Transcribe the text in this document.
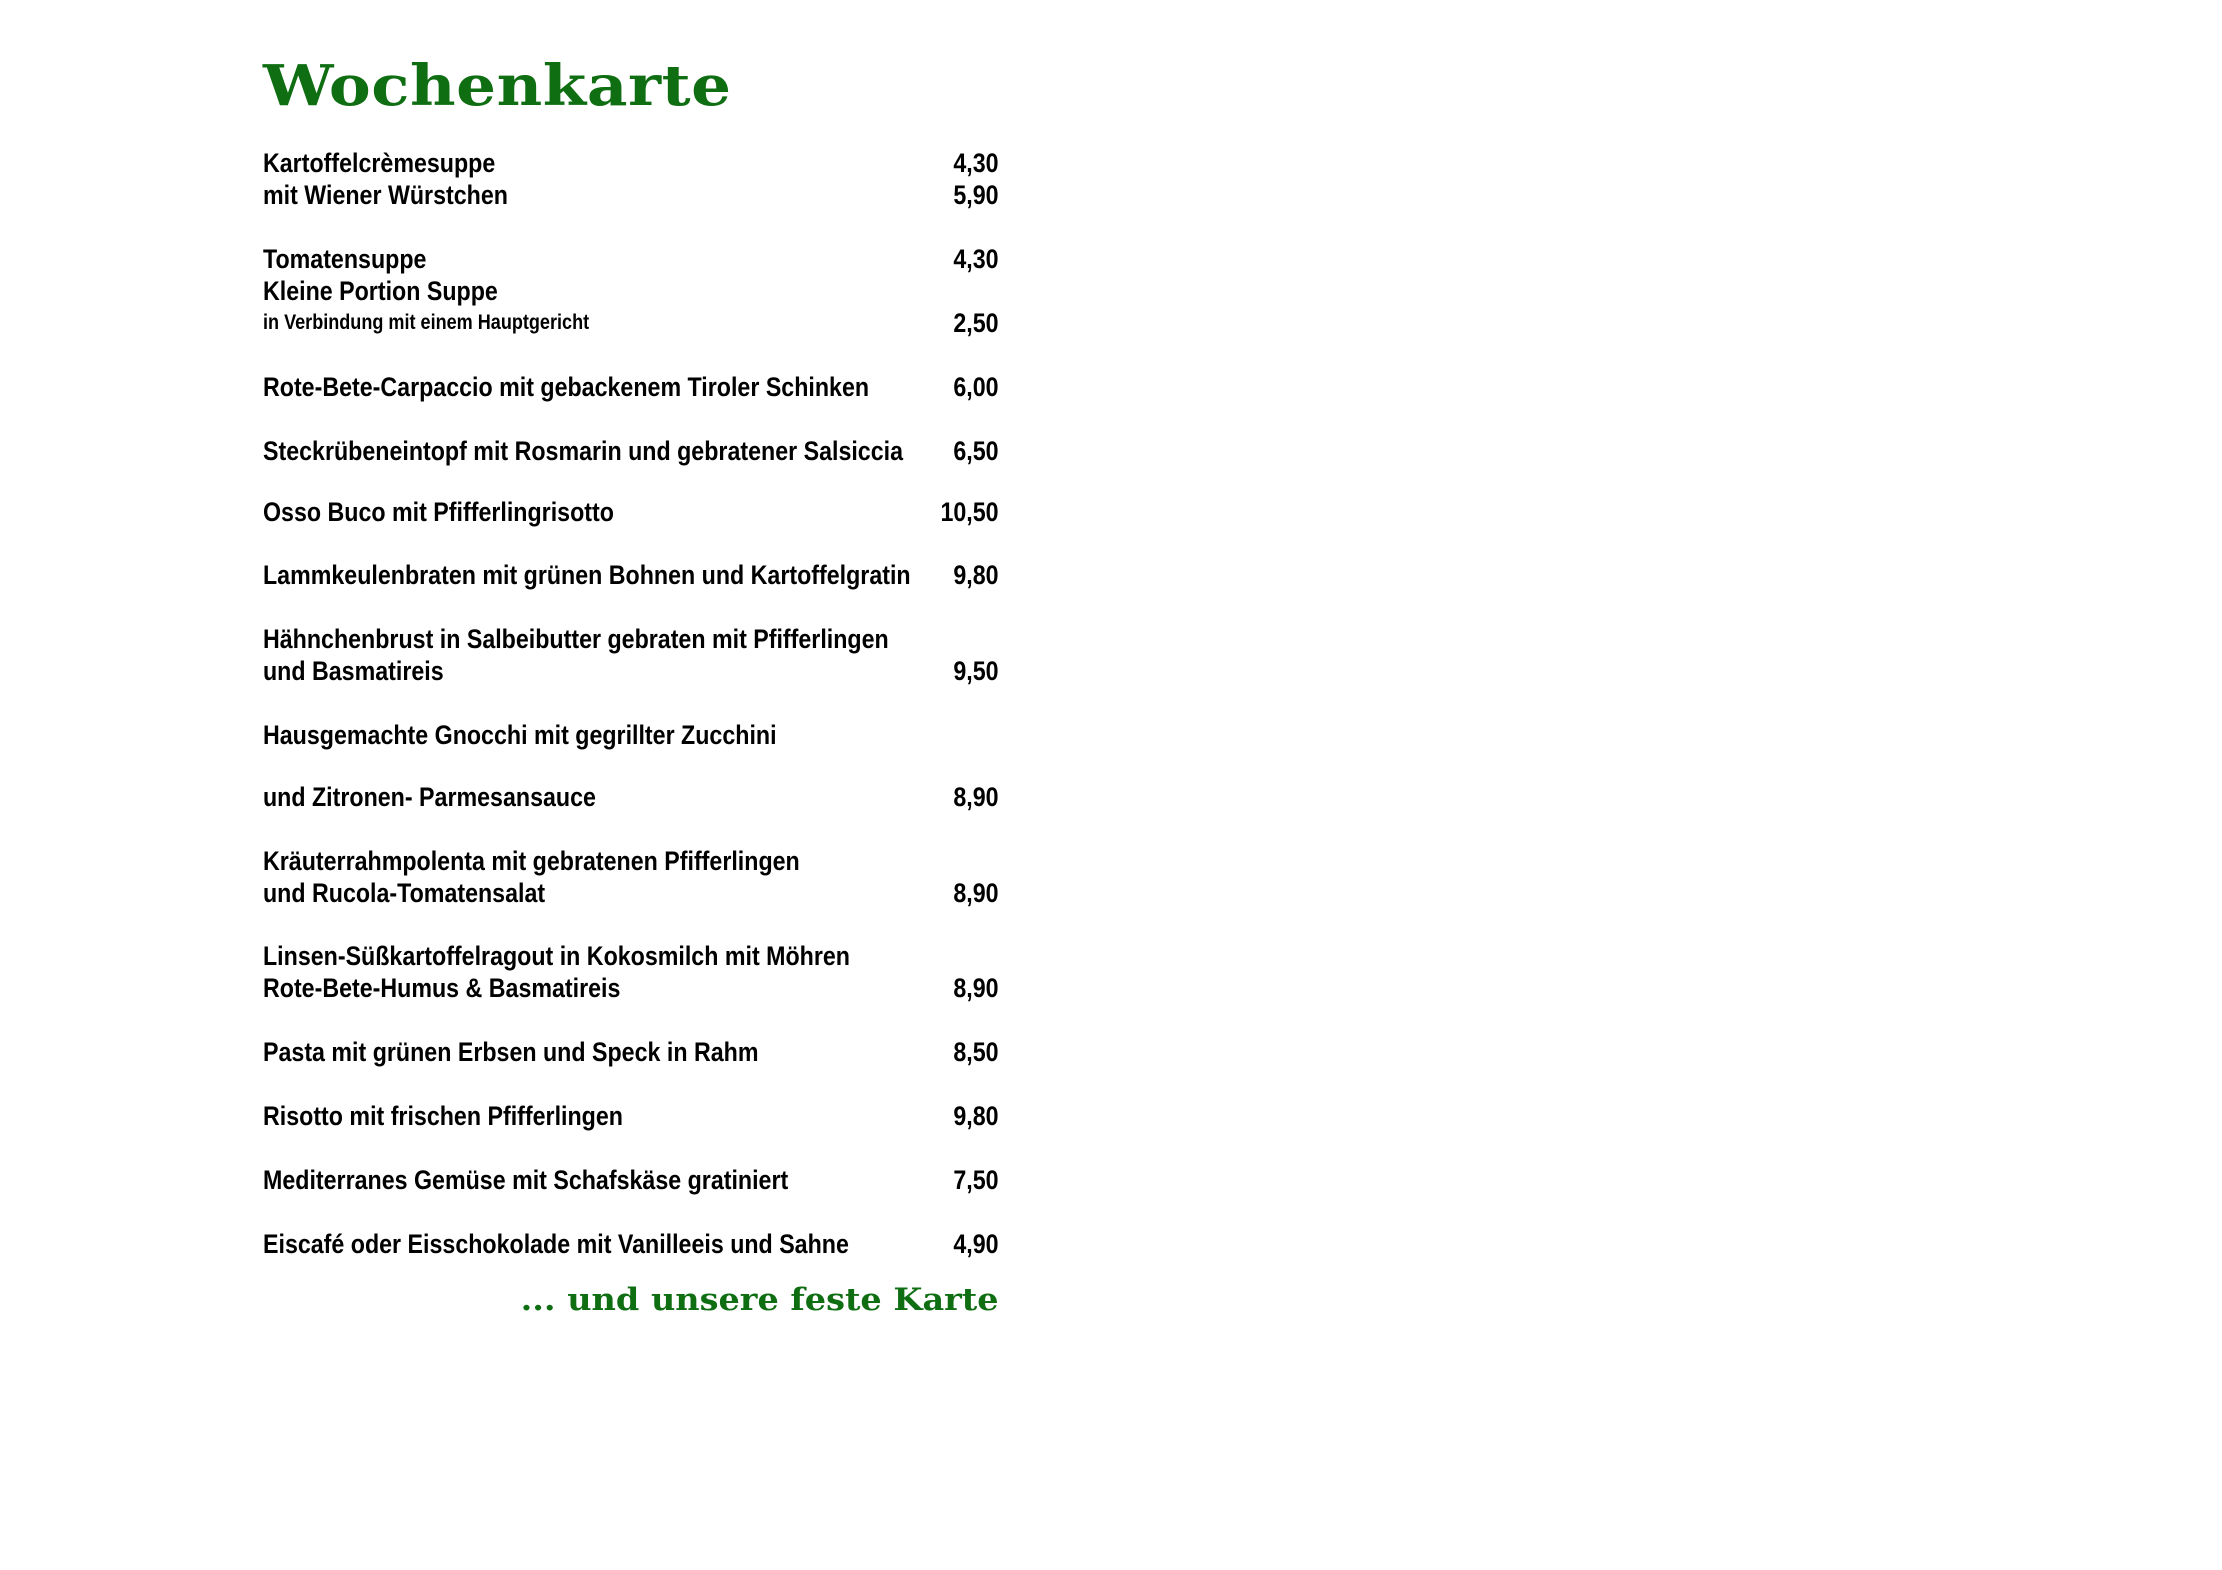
Wochenkarte
Kartoffelcrèmesuppe	4,30
mit Wiener Würstchen	5,90
Tomatensuppe	4,30
Kleine Portion Suppe
in Verbindung mit einem Hauptgericht	2,50
Rote-Bete-Carpaccio mit gebackenem Tiroler Schinken	6,00
Steckrübeneintopf mit Rosmarin und gebratener Salsiccia 6,50
Osso Buco mit Pfifferlingrisotto	10,50
Lammkeulenbraten mit grünen Bohnen und Kartoffelgratin 9,80
Hähnchenbrust in Salbeibutter gebraten mit Pfifferlingen
und Basmatireis	9,50
Hausgemachte Gnocchi mit gegrillter Zucchini
und Zitronen- Parmesansauce	8,90
Kräuterrahmpolenta mit gebratenen Pfifferlingen
und Rucola-Tomatensalat	8,90
Linsen-Süßkartoffelragout in Kokosmilch mit Möhren
Rote-Bete-Humus & Basmatireis	8,90
Pasta mit grünen Erbsen und Speck in Rahm	8,50
Risotto mit frischen Pfifferlingen	9,80
Mediterranes Gemüse mit Schafskäse gratiniert	7,50
Eiscafé oder Eisschokolade mit Vanilleeis und Sahne	4,90
... und unsere feste Karte
